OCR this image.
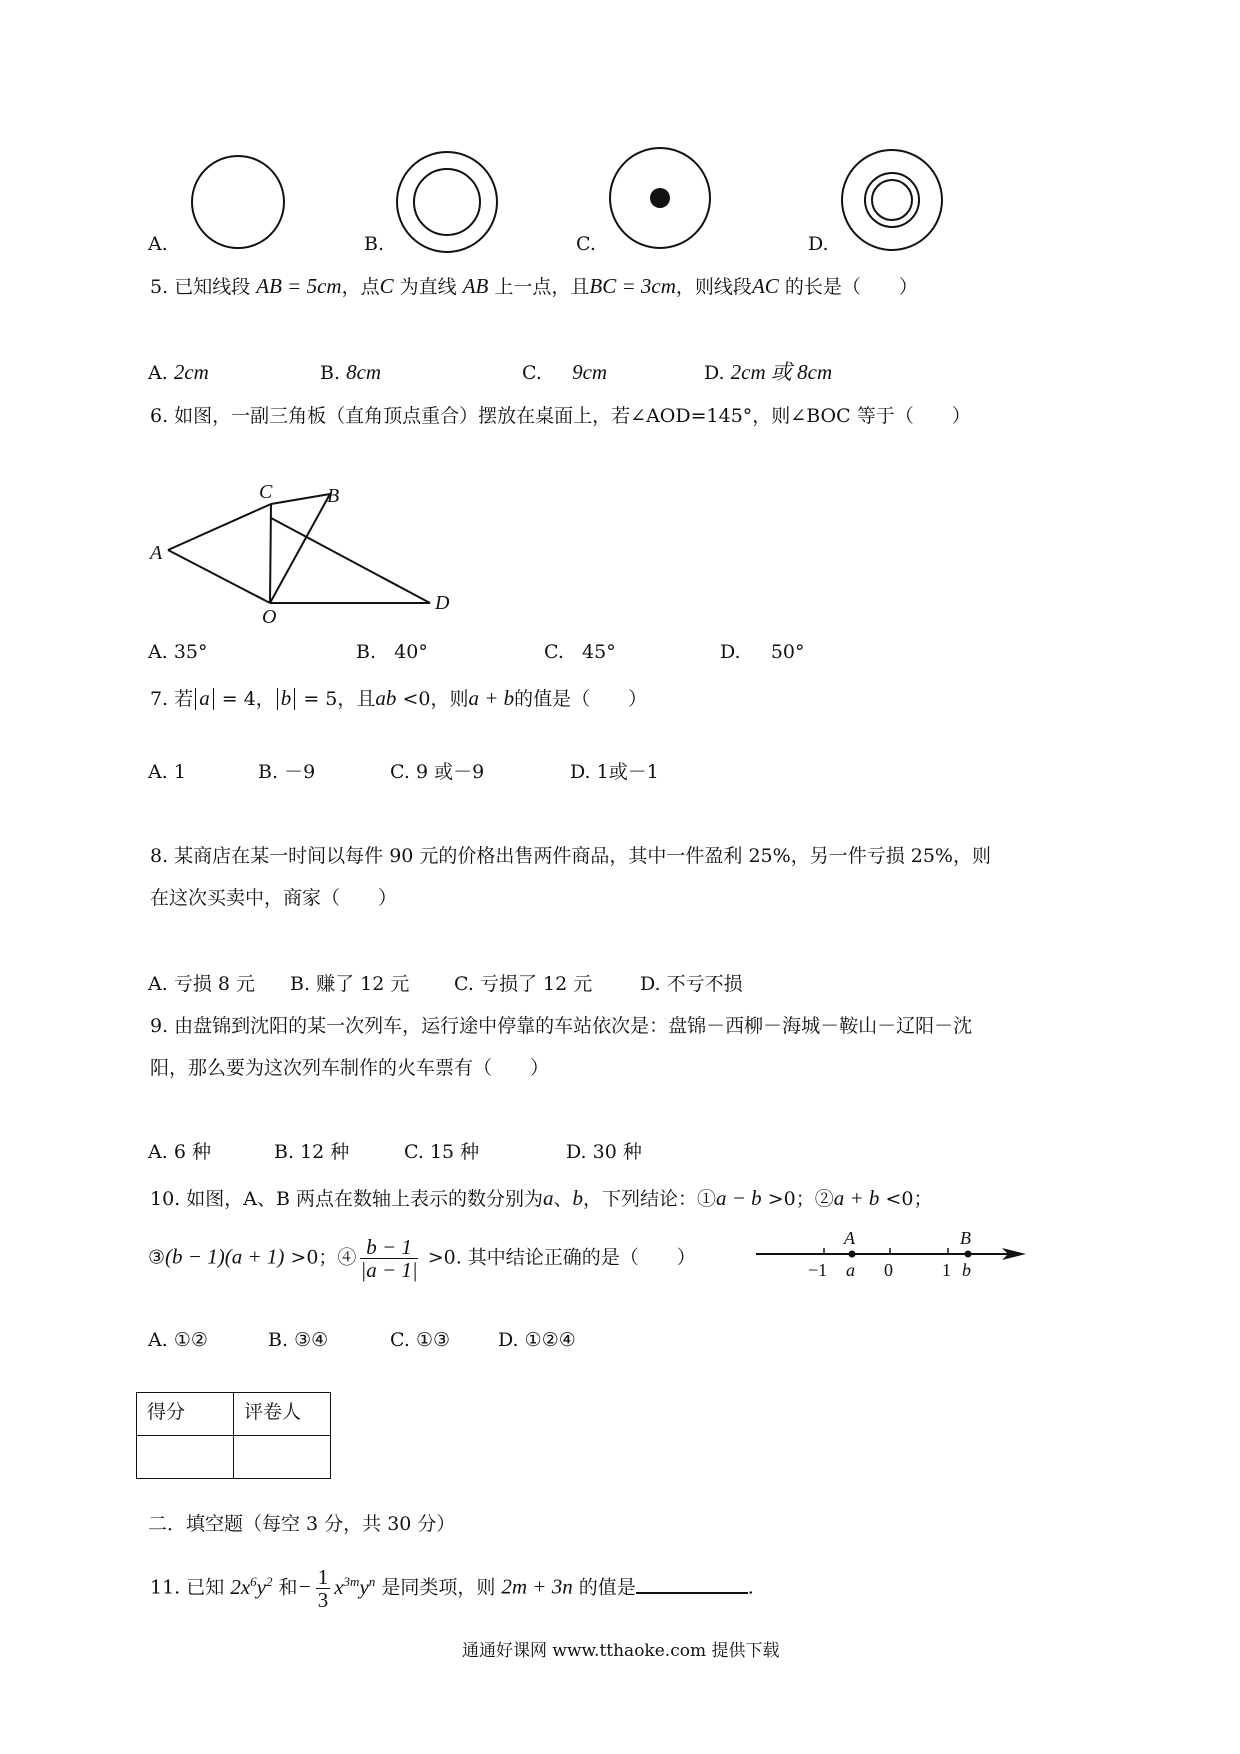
A.	B.	C.	D.
5. 已知线段 AB = 5cm，点C 为直线 AB 上一点，且BC = 3cm，则线段AC 的长是（　　）
A. 2cm	B. 8cm	C. 9cm	D. 2cm 或 8cm
6. 如图，一副三角板（直角顶点重合）摆放在桌面上，若∠AOD=145°，则∠BOC 等于（　　）
A
C	B
O
D
A. 35°	B. 40°	C. 45°	D. 50°
7. 若 a = 4， b = 5，且ab <0，则a + b的值是（　　）
A. 1	B. －9	C. 9 或－9	D. 1或－1
8. 某商店在某一时间以每件 90 元的价格出售两件商品，其中一件盈利 25%，另一件亏损 25%，则
在这次买卖中，商家（　　）
A. 亏损 8 元 B. 赚了 12 元 C. 亏损了 12 元	D. 不亏不损
9. 由盘锦到沈阳的某一次列车，运行途中停靠的车站依次是：盘锦－西柳－海城－鞍山－辽阳－沈
阳，那么要为这次列车制作的火车票有（　　）
A. 6 种	B. 12 种	C. 15 种	D. 30 种
10. 如图，A、B 两点在数轴上表示的数分别为a、b，下列结论：①a − b >0；②a + b <0；
③(b − 1)(a + 1) >0；④ $\frac{b - 1}{|a - 1|} >0$. 其中结论正确的是（　　）
A	B
−1 a 0	1 b
A. ①②	B. ③④	C. ①③	D. ①②④
得分	评卷人

二．填空题（每空 3 分，共 30 分）
11. 已知 $2x^6y^2$ 和− $\frac{1}{3} x^{3m}y^n$ 是同类项，则 2m + 3n 的值是	.
通通好课网 www.tthaoke.com 提供下载
